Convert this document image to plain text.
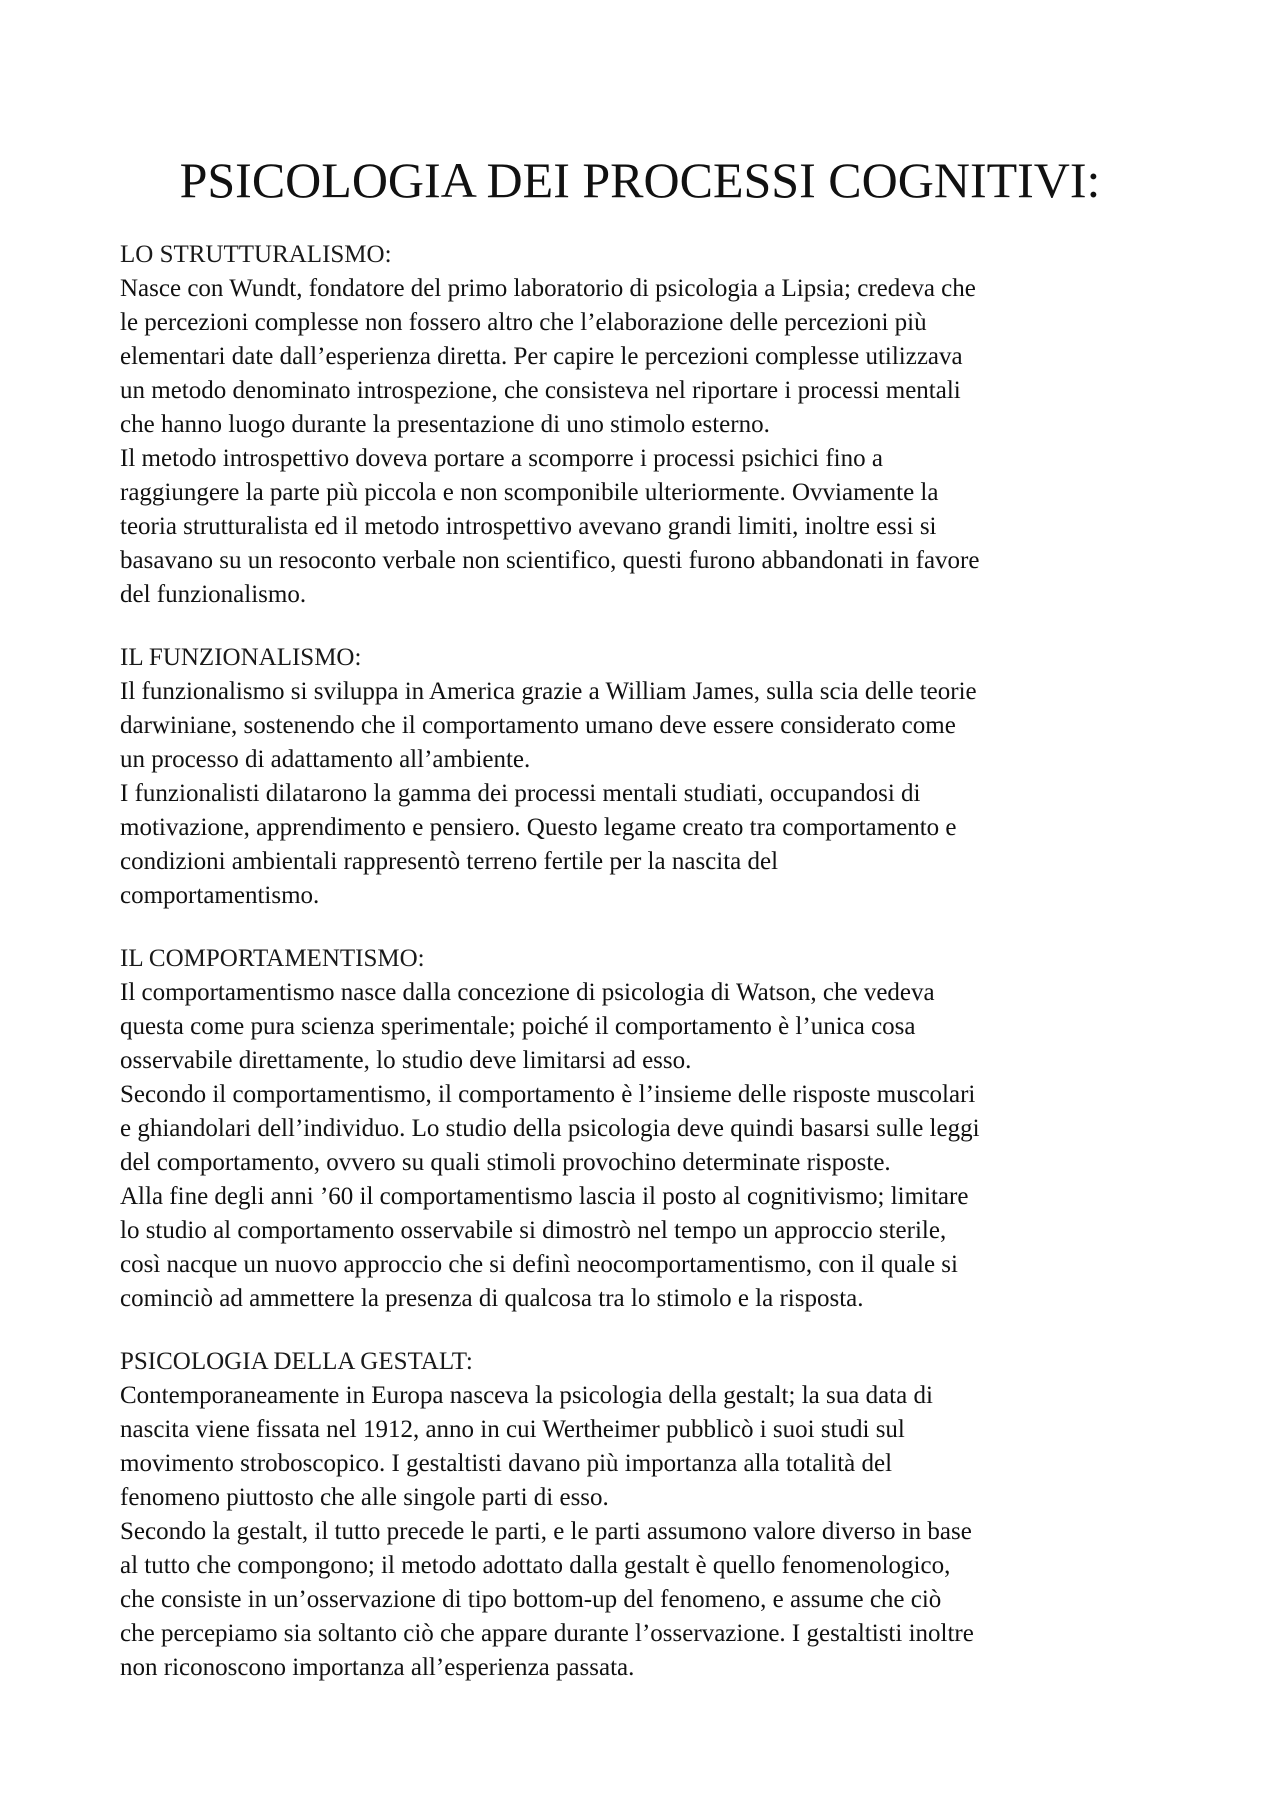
PSICOLOGIA DEI PROCESSI COGNITIVI:
LO STRUTTURALISMO:
Nasce con Wundt, fondatore del primo laboratorio di psicologia a Lipsia; credeva che
le percezioni complesse non fossero altro che l’elaborazione delle percezioni più
elementari date dall’esperienza diretta. Per capire le percezioni complesse utilizzava
un metodo denominato introspezione, che consisteva nel riportare i processi mentali
che hanno luogo durante la presentazione di uno stimolo esterno.
Il metodo introspettivo doveva portare a scomporre i processi psichici fino a
raggiungere la parte più piccola e non scomponibile ulteriormente. Ovviamente la
teoria strutturalista ed il metodo introspettivo avevano grandi limiti, inoltre essi si
basavano su un resoconto verbale non scientifico, questi furono abbandonati in favore
del funzionalismo.
IL FUNZIONALISMO:
Il funzionalismo si sviluppa in America grazie a William James, sulla scia delle teorie
darwiniane, sostenendo che il comportamento umano deve essere considerato come
un processo di adattamento all’ambiente.
I funzionalisti dilatarono la gamma dei processi mentali studiati, occupandosi di
motivazione, apprendimento e pensiero. Questo legame creato tra comportamento e
condizioni ambientali rappresentò terreno fertile per la nascita del
comportamentismo.
IL COMPORTAMENTISMO:
Il comportamentismo nasce dalla concezione di psicologia di Watson, che vedeva
questa come pura scienza sperimentale; poiché il comportamento è l’unica cosa
osservabile direttamente, lo studio deve limitarsi ad esso.
Secondo il comportamentismo, il comportamento è l’insieme delle risposte muscolari
e ghiandolari dell’individuo. Lo studio della psicologia deve quindi basarsi sulle leggi
del comportamento, ovvero su quali stimoli provochino determinate risposte.
Alla fine degli anni ’60 il comportamentismo lascia il posto al cognitivismo; limitare
lo studio al comportamento osservabile si dimostrò nel tempo un approccio sterile,
così nacque un nuovo approccio che si definì neocomportamentismo, con il quale si
cominciò ad ammettere la presenza di qualcosa tra lo stimolo e la risposta.
PSICOLOGIA DELLA GESTALT:
Contemporaneamente in Europa nasceva la psicologia della gestalt; la sua data di
nascita viene fissata nel 1912, anno in cui Wertheimer pubblicò i suoi studi sul
movimento stroboscopico. I gestaltisti davano più importanza alla totalità del
fenomeno piuttosto che alle singole parti di esso.
Secondo la gestalt, il tutto precede le parti, e le parti assumono valore diverso in base
al tutto che compongono; il metodo adottato dalla gestalt è quello fenomenologico,
che consiste in un’osservazione di tipo bottom-up del fenomeno, e assume che ciò
che percepiamo sia soltanto ciò che appare durante l’osservazione. I gestaltisti inoltre
non riconoscono importanza all’esperienza passata.
